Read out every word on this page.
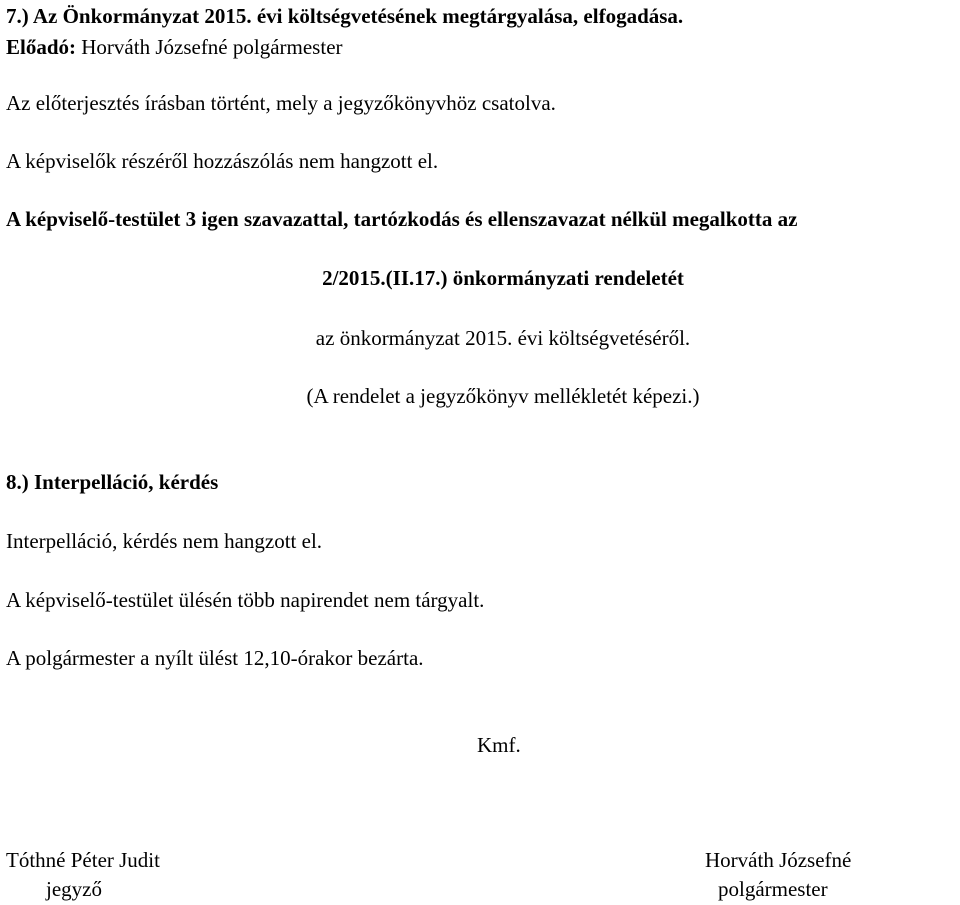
7.) Az Önkormányzat 2015. évi költségvetésének megtárgyalása, elfogadása.
Előadó: Horváth Józsefné polgármester
Az előterjesztés írásban történt, mely a jegyzőkönyvhöz csatolva.
A képviselők részéről hozzászólás nem hangzott el.
A képviselő-testület 3 igen szavazattal, tartózkodás és ellenszavazat nélkül megalkotta az
2/2015.(II.17.) önkormányzati rendeletét
az önkormányzat 2015. évi költségvetéséről.
(A rendelet a jegyzőkönyv mellékletét képezi.)
8.) Interpelláció, kérdés
Interpelláció, kérdés nem hangzott el.
A képviselő-testület ülésén több napirendet nem tárgyalt.
A polgármester a nyílt ülést 12,10-órakor bezárta.
Kmf.
Tóthné Péter Judit
jegyző
Horváth Józsefné
polgármester
